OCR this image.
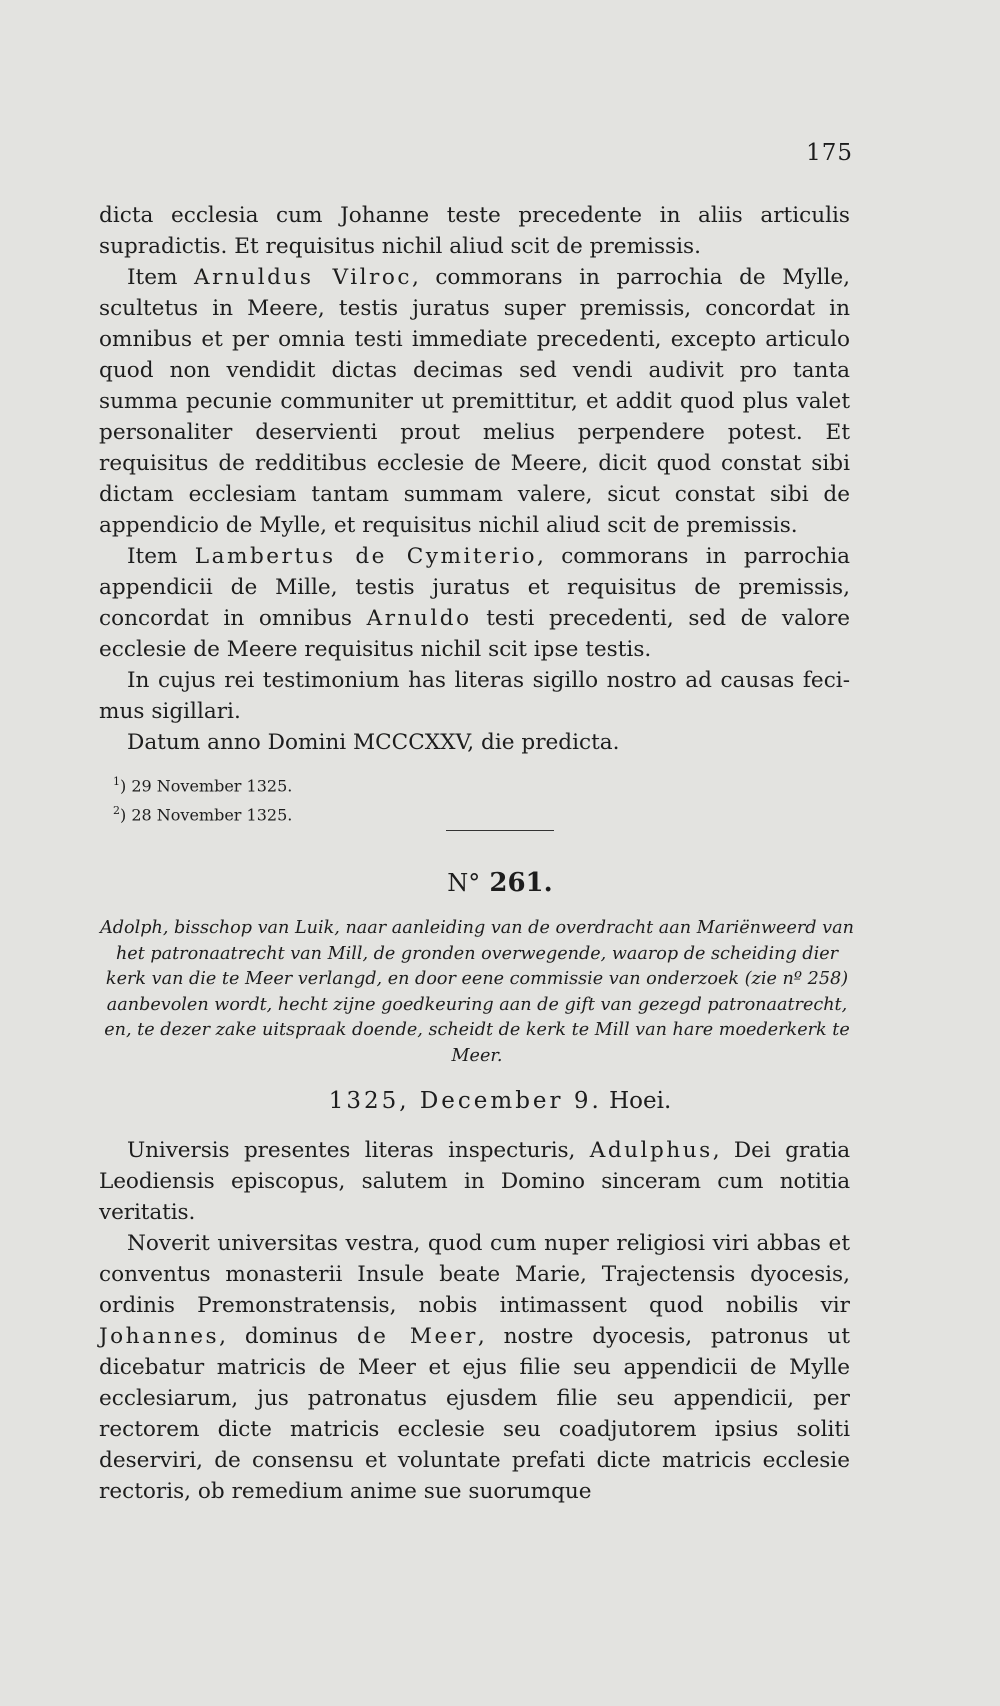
175

dicta ecclesia cum Johanne teste precedente in aliis articulis supradictis. Et requisitus nichil aliud scit de premissis.

Item Arnuldus Vilroc, commorans in parrochia de Mylle, scultetus in Meere, testis juratus super premissis, concordat in omnibus et per omnia testi immediate precedenti, excepto articulo quod non vendidit dictas decimas sed vendi audivit pro tanta summa pecunie communiter ut premittitur, et addit quod plus valet personaliter deservienti prout melius perpendere potest. Et requisitus de redditibus ecclesie de Meere, dicit quod constat sibi dictam ecclesiam tantam summam valere, sicut constat sibi de appendicio de Mylle, et requisitus nichil aliud scit de premissis.

Item Lambertus de Cymiterio, commorans in parrochia appendicii de Mille, testis juratus et requisitus de premissis, concordat in omnibus Arnuldo testi precedenti, sed de valore ecclesie de Meere requisitus nichil scit ipse testis.

In cujus rei testimonium has literas sigillo nostro ad causas fecimus sigillari.

Datum anno Domini MCCCXXV, die predicta.

$^1$) 29 November 1325.
$^2$) 28 November 1325.
N° 261.
Adolph, bisschop van Luik, naar aanleiding van de overdracht aan Mariënweerd van het patronaatrecht van Mill, de gronden overwegende, waarop de scheiding dier kerk van die te Meer verlangd, en door eene commissie van onderzoek (zie nº 258) aanbevolen wordt, hecht zijne goedkeuring aan de gift van gezegd patronaatrecht, en, te dezer zake uitspraak doende, scheidt de kerk te Mill van hare moederkerk te Meer.
1325, December 9. Hoei.

Universis presentes literas inspecturis, Adulphus, Dei gratia Leodiensis episcopus, salutem in Domino sinceram cum notitia veritatis.

Noverit universitas vestra, quod cum nuper religiosi viri abbas et conventus monasterii Insule beate Marie, Trajectensis dyocesis, ordinis Premonstratensis, nobis intimassent quod nobilis vir Johannes, dominus de Meer, nostre dyocesis, patronus ut dicebatur matricis de Meer et ejus filie seu appendicii de Mylle ecclesiarum, jus patronatus ejusdem filie seu appendicii, per rectorem dicte matricis ecclesie seu coadjutorem ipsius soliti deserviri, de consensu et voluntate prefati dicte matricis ecclesie rectoris, ob remedium anime sue suorumque
